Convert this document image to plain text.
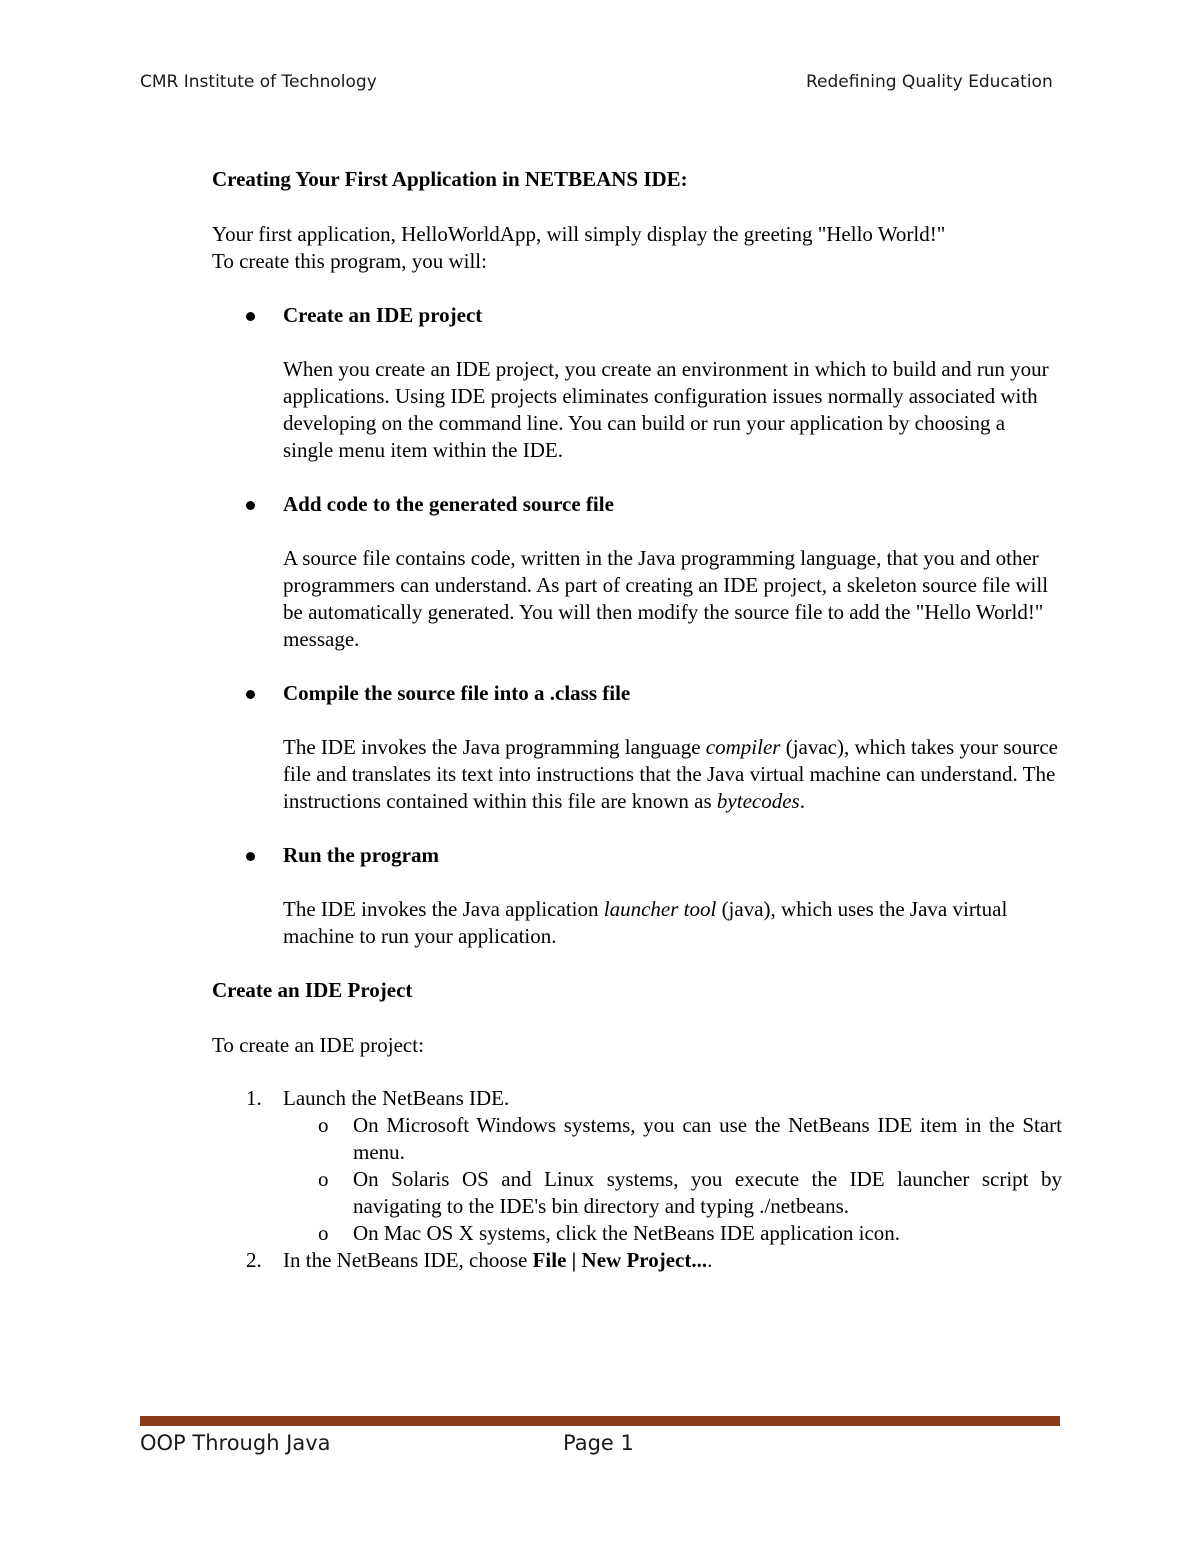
CMR Institute of Technology	Redefining Quality Education

Creating Your First Application in NETBEANS IDE:

Your first application, HelloWorldApp, will simply display the greeting "Hello World!"

To create this program, you will:

Create an IDE project

When you create an IDE project, you create an environment in which to build and run your applications. Using IDE projects eliminates configuration issues normally associated with developing on the command line. You can build or run your application by choosing a single menu item within the IDE.

Add code to the generated source file

A source file contains code, written in the Java programming language, that you and other programmers can understand. As part of creating an IDE project, a skeleton source file will be automatically generated. You will then modify the source file to add the "Hello World!" message.

Compile the source file into a .class file

The IDE invokes the Java programming language compiler (javac), which takes your source file and translates its text into instructions that the Java virtual machine can understand. The instructions contained within this file are known as bytecodes.

Run the program

The IDE invokes the Java application launcher tool (java), which uses the Java virtual machine to run your application.

Create an IDE Project

To create an IDE project:

1. Launch the NetBeans IDE.
o On Microsoft Windows systems, you can use the NetBeans IDE item in the Start menu.
o On Solaris OS and Linux systems, you execute the IDE launcher script by navigating to the IDE's bin directory and typing ./netbeans.
o On Mac OS X systems, click the NetBeans IDE application icon.
2. In the NetBeans IDE, choose File | New Project....
OOP Through Java	Page 1
